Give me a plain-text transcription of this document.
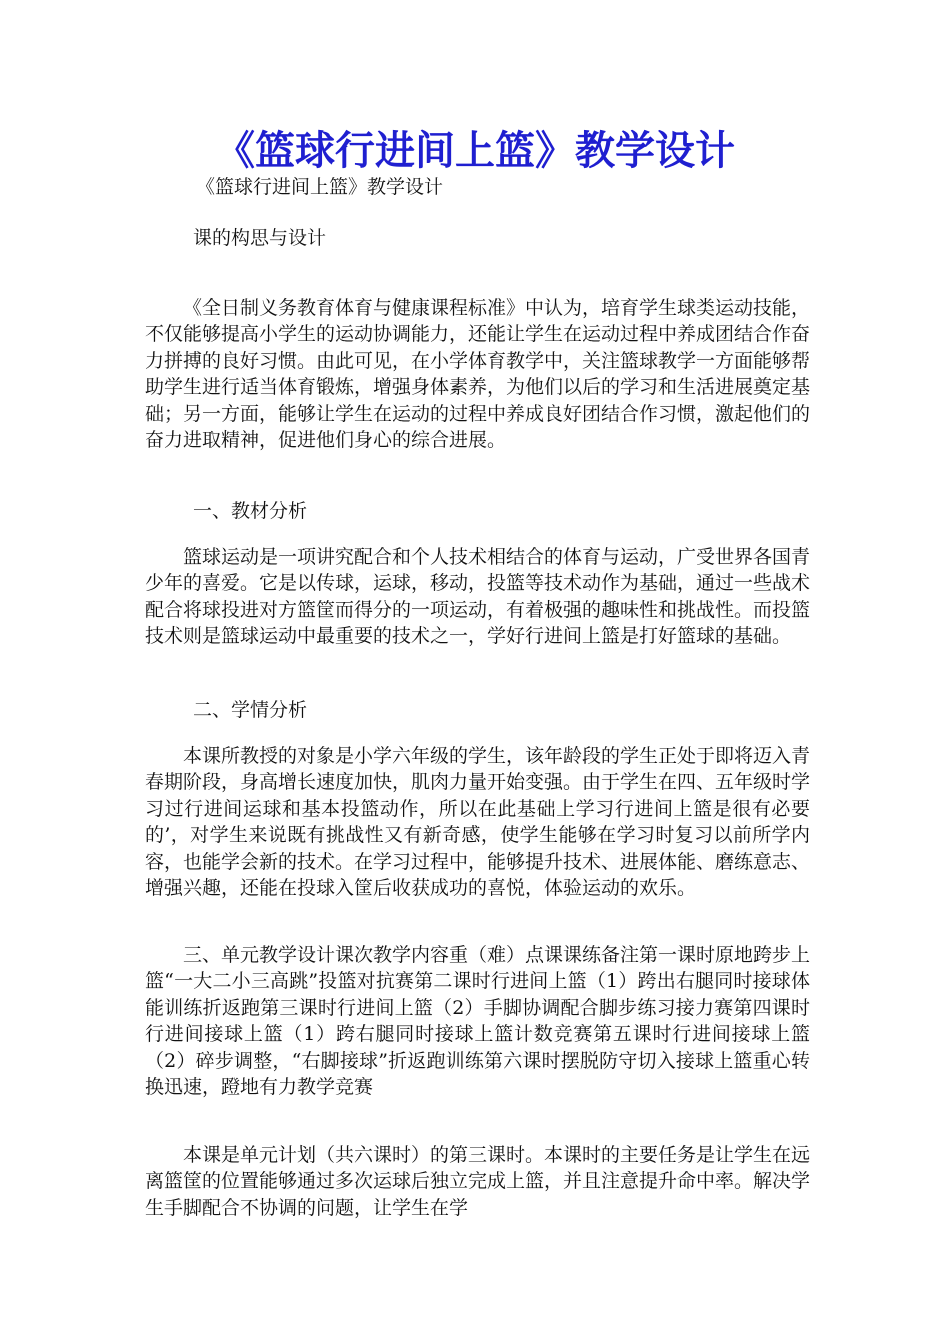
《篮球行进间上篮》教学设计

《篮球行进间上篮》教学设计

课的构思与设计

《全日制义务教育体育与健康课程标准》中认为，培育学生球类运动技能，不仅能够提高小学生的运动协调能力，还能让学生在运动过程中养成团结合作奋力拼搏的良好习惯。由此可见，在小学体育教学中，关注篮球教学一方面能够帮助学生进行适当体育锻炼，增强身体素养，为他们以后的学习和生活进展奠定基础；另一方面，能够让学生在运动的过程中养成良好团结合作习惯，激起他们的奋力进取精神，促进他们身心的综合进展。

一、教材分析

篮球运动是一项讲究配合和个人技术相结合的体育与运动，广受世界各国青少年的喜爱。它是以传球，运球，移动，投篮等技术动作为基础，通过一些战术配合将球投进对方篮筐而得分的一项运动，有着极强的趣味性和挑战性。而投篮技术则是篮球运动中最重要的技术之一，学好行进间上篮是打好篮球的基础。

二、学情分析

本课所教授的对象是小学六年级的学生，该年龄段的学生正处于即将迈入青春期阶段，身高增长速度加快，肌肉力量开始变强。由于学生在四、五年级时学习过行进间运球和基本投篮动作，所以在此基础上学习行进间上篮是很有必要的’，对学生来说既有挑战性又有新奇感，使学生能够在学习时复习以前所学内容，也能学会新的技术。在学习过程中，能够提升技术、进展体能、磨练意志、增强兴趣，还能在投球入筐后收获成功的喜悦，体验运动的欢乐。

三、单元教学设计课次教学内容重（难）点课课练备注第一课时原地跨步上篮“一大二小三高跳”投篮对抗赛第二课时行进间上篮（1）跨出右腿同时接球体能训练折返跑第三课时行进间上篮（2）手脚协调配合脚步练习接力赛第四课时行进间接球上篮（1）跨右腿同时接球上篮计数竞赛第五课时行进间接球上篮（2）碎步调整，“右脚接球”折返跑训练第六课时摆脱防守切入接球上篮重心转换迅速，蹬地有力教学竞赛

本课是单元计划（共六课时）的第三课时。本课时的主要任务是让学生在远离篮筐的位置能够通过多次运球后独立完成上篮，并且注意提升命中率。解决学生手脚配合不协调的问题，让学生在学
